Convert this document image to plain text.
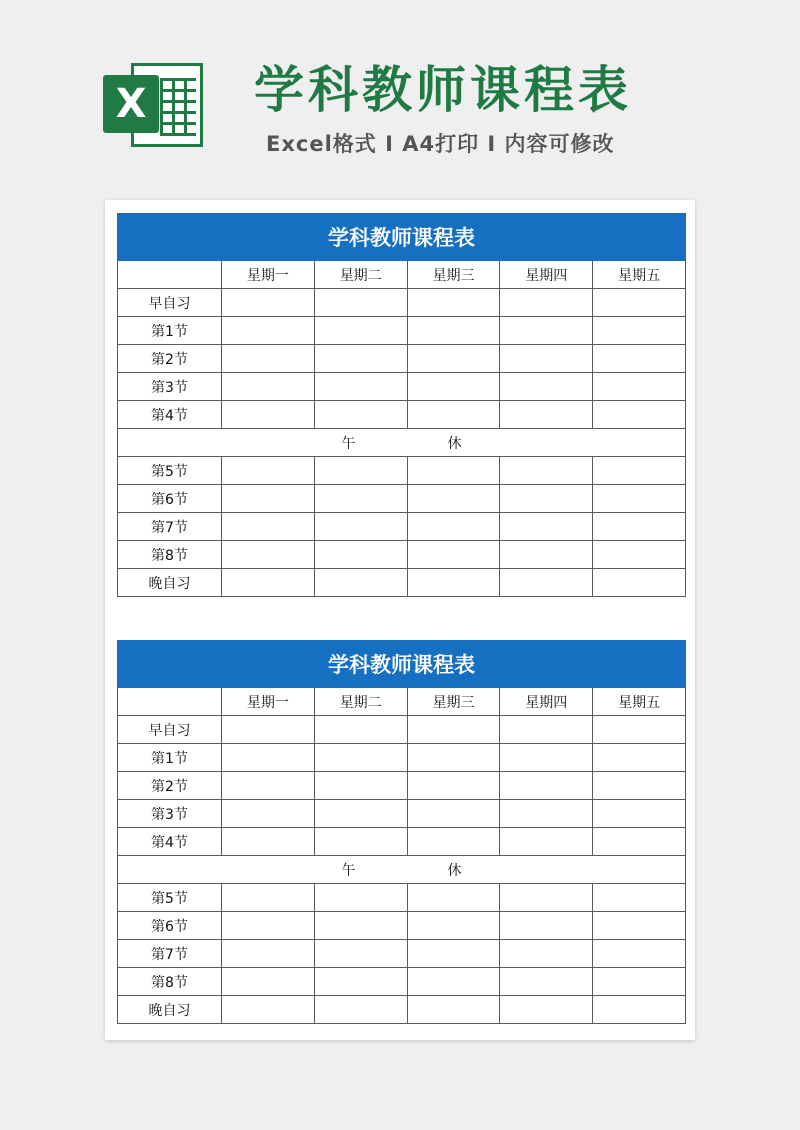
X 学科教师课程表
Excel格式 I A4打印 I 内容可修改
学科教师课程表					
	星期一	星期二	星期三	星期四	星期五
早自习					
第1节					
第2节					
第3节					
第4节					
午 休					
第5节					
第6节					
第7节					
第8节					
晚自习					
学科教师课程表					
	星期一	星期二	星期三	星期四	星期五
早自习					
第1节					
第2节					
第3节					
第4节					
午 休					
第5节					
第6节					
第7节					
第8节					
晚自习					
